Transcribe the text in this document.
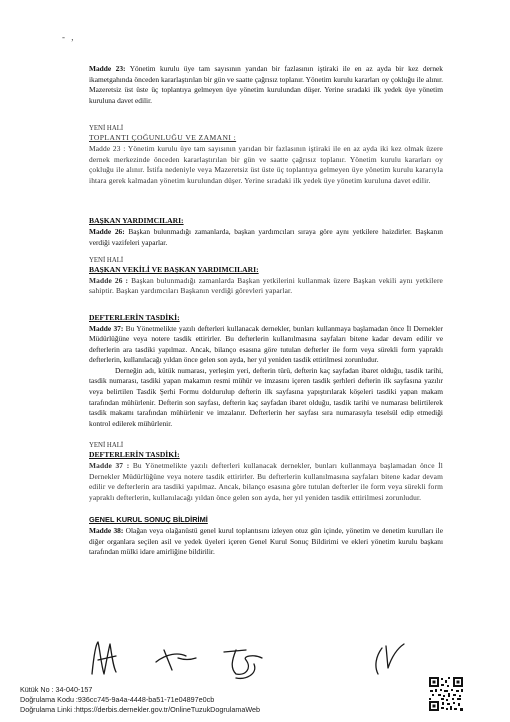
- ,

Madde 23: Yönetim kurulu üye tam sayısının yarıdan bir fazlasının iştiraki ile en az ayda bir kez dernek ikametgahında önceden kararlaştırılan bir gün ve saatte çağrısız toplanır. Yönetim kurulu kararları oy çokluğu ile alınır. Mazeretsiz üst üste üç toplantıya gelmeyen üye yönetim kurulundan düşer. Yerine sıradaki ilk yedek üye yönetim kuruluna davet edilir.

YENİ HALİ

TOPLANTI ÇOĞUNLUĞU VE ZAMANI :

Madde 23 : Yönetim kurulu üye tam sayısının yarıdan bir fazlasının iştiraki ile en az ayda iki kez olmak üzere dernek merkezinde önceden kararlaştırılan bir gün ve saatte çağrısız toplanır. Yönetim kurulu kararları oy çokluğu ile alınır. İstifa nedeniyle veya Mazeretsiz üst üste üç toplantıya gelmeyen üye yönetim kurulu kararıyla ihtara gerek kalmadan yönetim kurulundan düşer. Yerine sıradaki ilk yedek üye yönetim kuruluna davet edilir.

BAŞKAN YARDIMCILARI:

Madde 26: Başkan bulunmadığı zamanlarda, başkan yardımcıları sıraya göre aynı yetkilere haizdirler. Başkanın verdiği vazifeleri yaparlar.

YENİ HALİ

BAŞKAN VEKİLİ VE BAŞKAN YARDIMCILARI:

Madde 26 : Başkan bulunmadığı zamanlarda Başkan yetkilerini kullanmak üzere Başkan vekili aynı yetkilere sahiptir. Başkan yardımcıları Başkanın verdiği görevleri yaparlar.

DEFTERLERİN TASDİKİ:

Madde 37: Bu Yönetmelikte yazılı defterleri kullanacak dernekler, bunları kullanmaya başlamadan önce İl Dernekler Müdürlüğüne veya notere tasdik ettirirler. Bu defterlerin kullanılmasına sayfaları bitene kadar devam edilir ve defterlerin ara tasdiki yapılmaz. Ancak, bilanço esasına göre tutulan defterler ile form veya sürekli form yapraklı defterlerin, kullanılacağı yıldan önce gelen son ayda, her yıl yeniden tasdik ettirilmesi zorunludur.

Derneğin adı, kütük numarası, yerleşim yeri, defterin türü, defterin kaç sayfadan ibaret olduğu, tasdik tarihi, tasdik numarası, tasdiki yapan makamın resmi mühür ve imzasını içeren tasdik şerhleri defterin ilk sayfasına yazılır veya belirtilen Tasdik Şerhi Formu doldurulup defterin ilk sayfasına yapıştırılarak köşeleri tasdiki yapan makam tarafından mühürlenir. Defterin son sayfası, defterin kaç sayfadan ibaret olduğu, tasdik tarihi ve numarası belirtilerek tasdik makamı tarafından mühürlenir ve imzalanır. Defterlerin her sayfası sıra numarasıyla teselsül edip etmediği kontrol edilerek mühürlenir.

YENİ HALİ

DEFTERLERİN TASDİKİ:

Madde 37 : Bu Yönetmelikte yazılı defterleri kullanacak dernekler, bunları kullanmaya başlamadan önce İl Dernekler Müdürlüğüne veya notere tasdik ettirirler. Bu defterlerin kullanılmasına sayfaları bitene kadar devam edilir ve defterlerin ara tasdiki yapılmaz. Ancak, bilanço esasına göre tutulan defterler ile form veya sürekli form yapraklı defterlerin, kullanılacağı yıldan önce gelen son ayda, her yıl yeniden tasdik ettirilmesi zorunludur.

GENEL KURUL SONUÇ BİLDİRİMİ

Madde 38: Olağan veya olağanüstü genel kurul toplantısını izleyen otuz gün içinde, yönetim ve denetim kurulları ile diğer organlara seçilen asil ve yedek üyeleri içeren Genel Kurul Sonuç Bildirimi ve ekleri yönetim kurulu başkanı tarafından mülki idare amirliğine bildirilir.

Kütük No : 34-040-157
Doğrulama Kodu :936cc745-9a4a-4448-ba51-71e04897e0cb
Doğrulama Linki :https://derbis.dernekler.gov.tr/OnlineTuzukDogrulamaWeb
